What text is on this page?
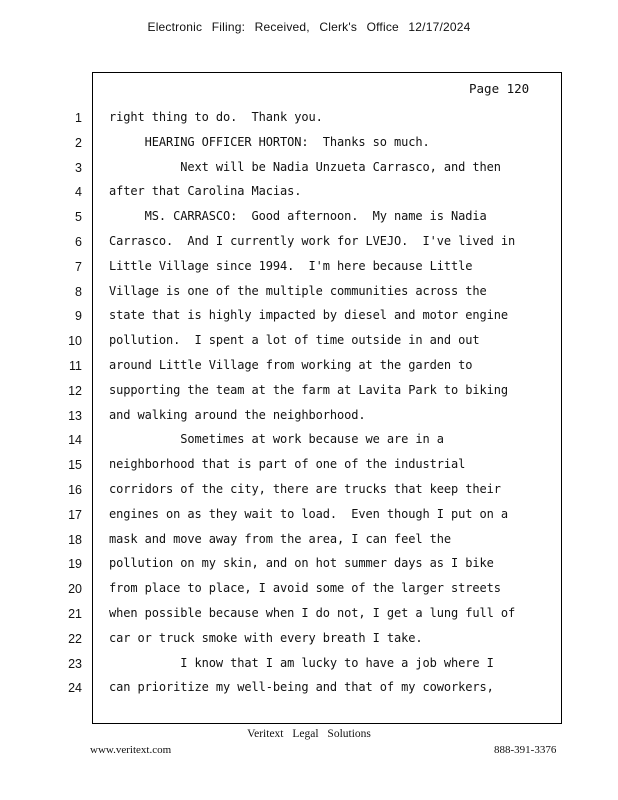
Electronic Filing: Received, Clerk's Office 12/17/2024
Page 120
1 right thing to do.  Thank you.
2 HEARING OFFICER HORTON:  Thanks so much.
3 Next will be Nadia Unzueta Carrasco, and then
4 after that Carolina Macias.
5 MS. CARRASCO:  Good afternoon.  My name is Nadia
6 Carrasco.  And I currently work for LVEJO.  I've lived in
7 Little Village since 1994.  I'm here because Little
8 Village is one of the multiple communities across the
9 state that is highly impacted by diesel and motor engine
10 pollution.  I spent a lot of time outside in and out
11 around Little Village from working at the garden to
12 supporting the team at the farm at Lavita Park to biking
13 and walking around the neighborhood.
14 Sometimes at work because we are in a
15 neighborhood that is part of one of the industrial
16 corridors of the city, there are trucks that keep their
17 engines on as they wait to load.  Even though I put on a
18 mask and move away from the area, I can feel the
19 pollution on my skin, and on hot summer days as I bike
20 from place to place, I avoid some of the larger streets
21 when possible because when I do not, I get a lung full of
22 car or truck smoke with every breath I take.
23 I know that I am lucky to have a job where I
24 can prioritize my well-being and that of my coworkers,
Veritext Legal Solutions
www.veritext.com	888-391-3376
